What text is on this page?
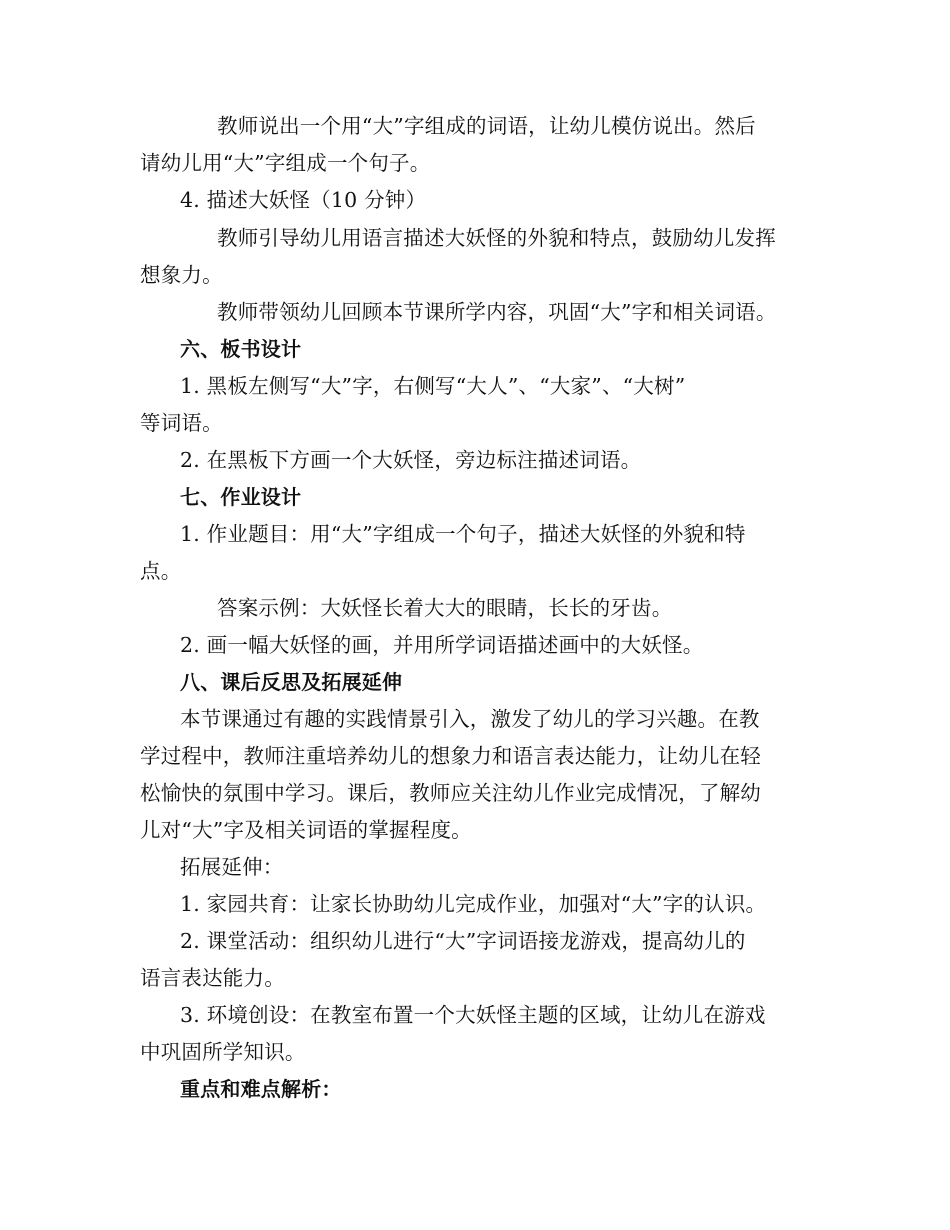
教师说出一个用“大”字组成的词语，让幼儿模仿说出。然后
请幼儿用“大”字组成一个句子。
4. 描述大妖怪（10 分钟）
教师引导幼儿用语言描述大妖怪的外貌和特点，鼓励幼儿发挥
想象力。
教师带领幼儿回顾本节课所学内容，巩固“大”字和相关词语。
六、板书设计
1. 黑板左侧写“大”字，右侧写“大人”、“大家”、“大树”
等词语。
2. 在黑板下方画一个大妖怪，旁边标注描述词语。
七、作业设计
1. 作业题目：用“大”字组成一个句子，描述大妖怪的外貌和特
点。
答案示例：大妖怪长着大大的眼睛，长长的牙齿。
2. 画一幅大妖怪的画，并用所学词语描述画中的大妖怪。
八、课后反思及拓展延伸
本节课通过有趣的实践情景引入，激发了幼儿的学习兴趣。在教
学过程中，教师注重培养幼儿的想象力和语言表达能力，让幼儿在轻
松愉快的氛围中学习。课后，教师应关注幼儿作业完成情况，了解幼
儿对“大”字及相关词语的掌握程度。
拓展延伸：
1. 家园共育：让家长协助幼儿完成作业，加强对“大”字的认识。
2. 课堂活动：组织幼儿进行“大”字词语接龙游戏，提高幼儿的
语言表达能力。
3. 环境创设：在教室布置一个大妖怪主题的区域，让幼儿在游戏
中巩固所学知识。
重点和难点解析：
